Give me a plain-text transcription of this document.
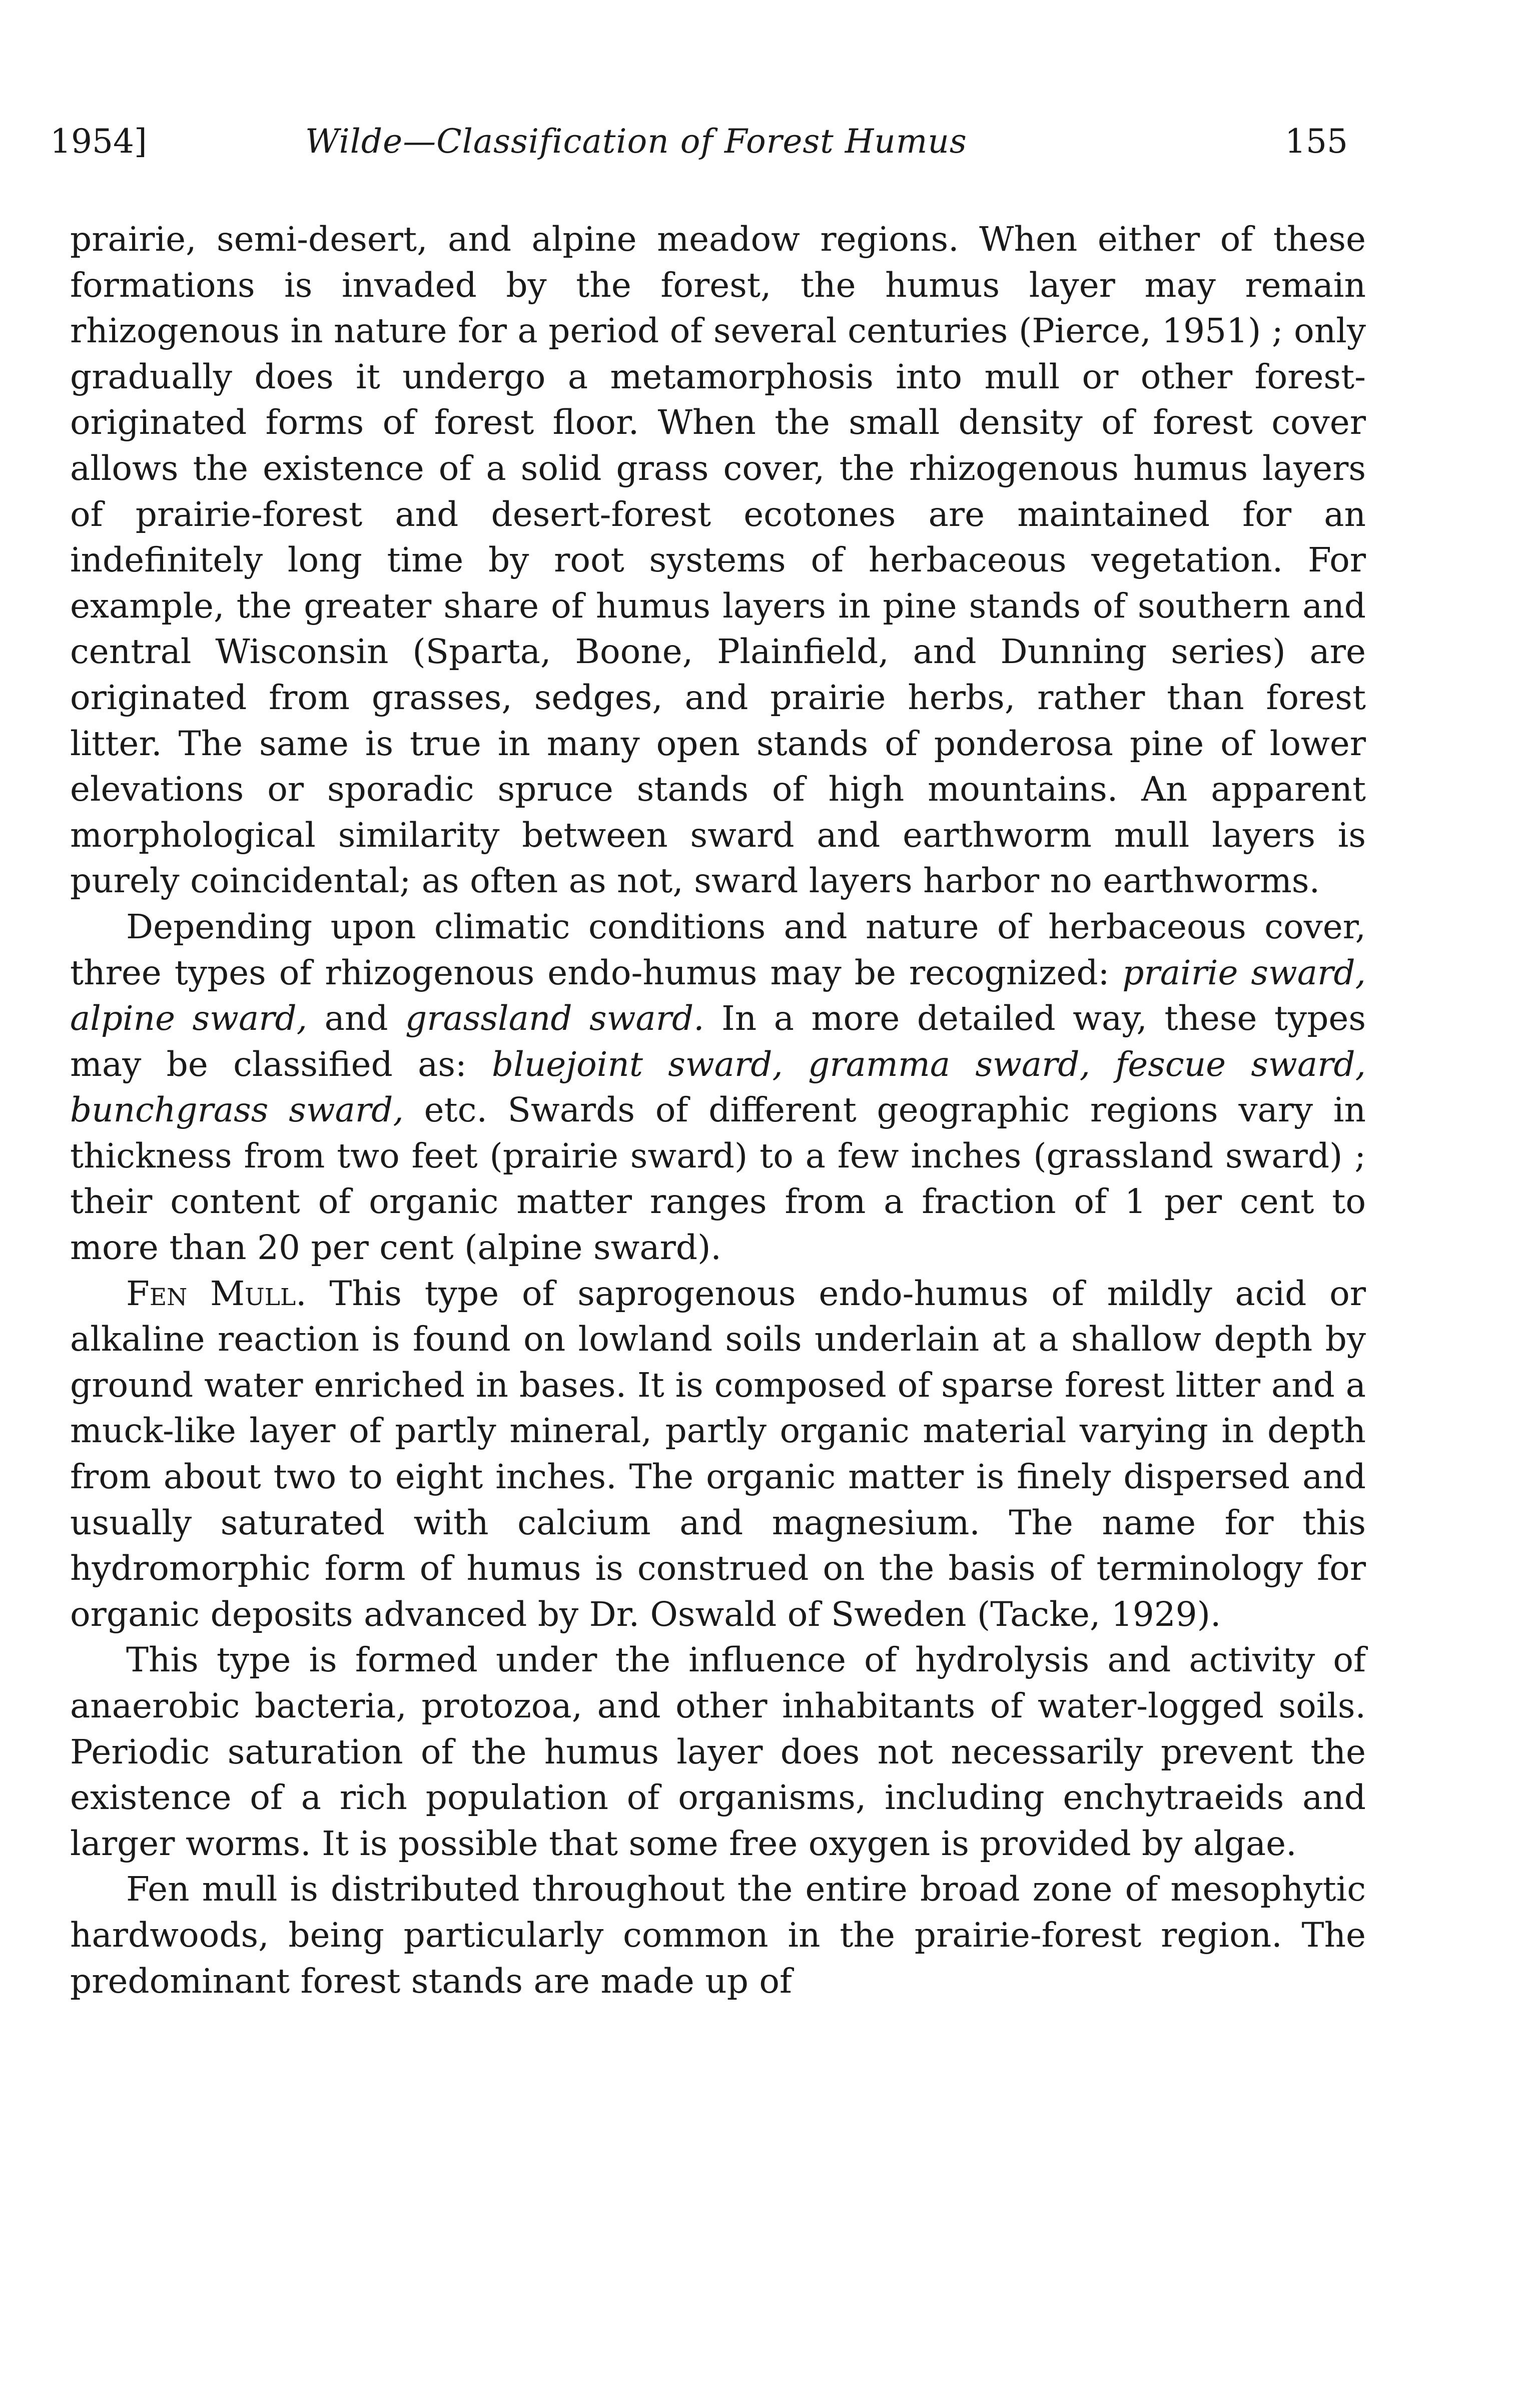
1954]	Wilde—Classification of Forest Humus	155

prairie, semi-desert, and alpine meadow regions. When either of these formations is invaded by the forest, the humus layer may remain rhizogenous in nature for a period of several centuries (Pierce, 1951) ; only gradually does it undergo a metamorphosis into mull or other forest-originated forms of forest floor. When the small density of forest cover allows the existence of a solid grass cover, the rhizogenous humus layers of prairie-forest and desert-forest ecotones are maintained for an indefinitely long time by root systems of herbaceous vegetation. For example, the greater share of humus layers in pine stands of southern and central Wisconsin (Sparta, Boone, Plainfield, and Dunning series) are originated from grasses, sedges, and prairie herbs, rather than forest litter. The same is true in many open stands of ponderosa pine of lower elevations or sporadic spruce stands of high mountains. An apparent morphological similarity between sward and earthworm mull layers is purely coincidental; as often as not, sward layers harbor no earthworms.

Depending upon climatic conditions and nature of herbaceous cover, three types of rhizogenous endo-humus may be recognized: prairie sward, alpine sward, and grassland sward. In a more detailed way, these types may be classified as: bluejoint sward, gramma sward, fescue sward, bunchgrass sward, etc. Swards of different geographic regions vary in thickness from two feet (prairie sward) to a few inches (grassland sward) ; their content of organic matter ranges from a fraction of 1 per cent to more than 20 per cent (alpine sward).

Fen Mull. This type of saprogenous endo-humus of mildly acid or alkaline reaction is found on lowland soils underlain at a shallow depth by ground water enriched in bases. It is composed of sparse forest litter and a muck-like layer of partly mineral, partly organic material varying in depth from about two to eight inches. The organic matter is finely dispersed and usually saturated with calcium and magnesium. The name for this hydromorphic form of humus is construed on the basis of terminology for organic deposits advanced by Dr. Oswald of Sweden (Tacke, 1929).

This type is formed under the influence of hydrolysis and activity of anaerobic bacteria, protozoa, and other inhabitants of water-logged soils. Periodic saturation of the humus layer does not necessarily prevent the existence of a rich population of organisms, including enchytraeids and larger worms. It is possible that some free oxygen is provided by algae.

Fen mull is distributed throughout the entire broad zone of mesophytic hardwoods, being particularly common in the prairie-forest region. The predominant forest stands are made up of
